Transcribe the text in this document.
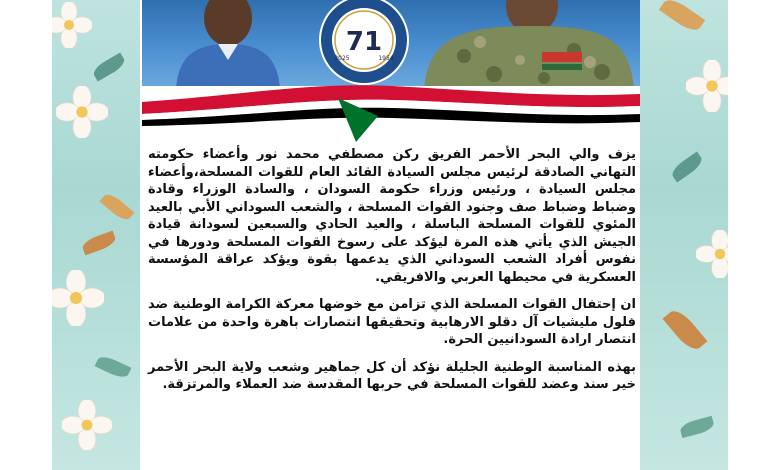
71
2025	1954

يزف والي البحر الأحمر الفريق ركن مصطفي محمد نور وأعضاء حكومته التهاني الصادقة لرئيس مجلس السيادة القائد العام للقوات المسلحة،وأعضاء مجلس السيادة ، ورئيس وزراء حكومة السودان ، والسادة الوزراء وقادة وضباط وضباط صف وجنود القوات المسلحة ، والشعب السوداني الأبي بالعيد المئوي للقوات المسلحة الباسلة ، والعيد الحادي والسبعين لسودانة قيادة الجيش الذي يأتي هذه المرة ليؤكد على رسوخ القوات المسلحة ودورها في نفوس أفراد الشعب السوداني الذي يدعمها بقوة ويؤكد عراقة المؤسسة العسكرية في محيطها العربي والافريقي.

ان إحتفال القوات المسلحة الذي تزامن مع خوضها معركة الكرامة الوطنية ضد فلول مليشيات آل دقلو الارهابية وتحقيقها انتصارات باهرة واحدة من علامات انتصار ارادة السودانيين الحرة.

بهذه المناسبة الوطنية الجليلة نؤكد أن كل جماهير وشعب ولاية البحر الأحمر خير سند وعضد للقوات المسلحة في حربها المقدسة ضد العملاء والمرتزقة.
